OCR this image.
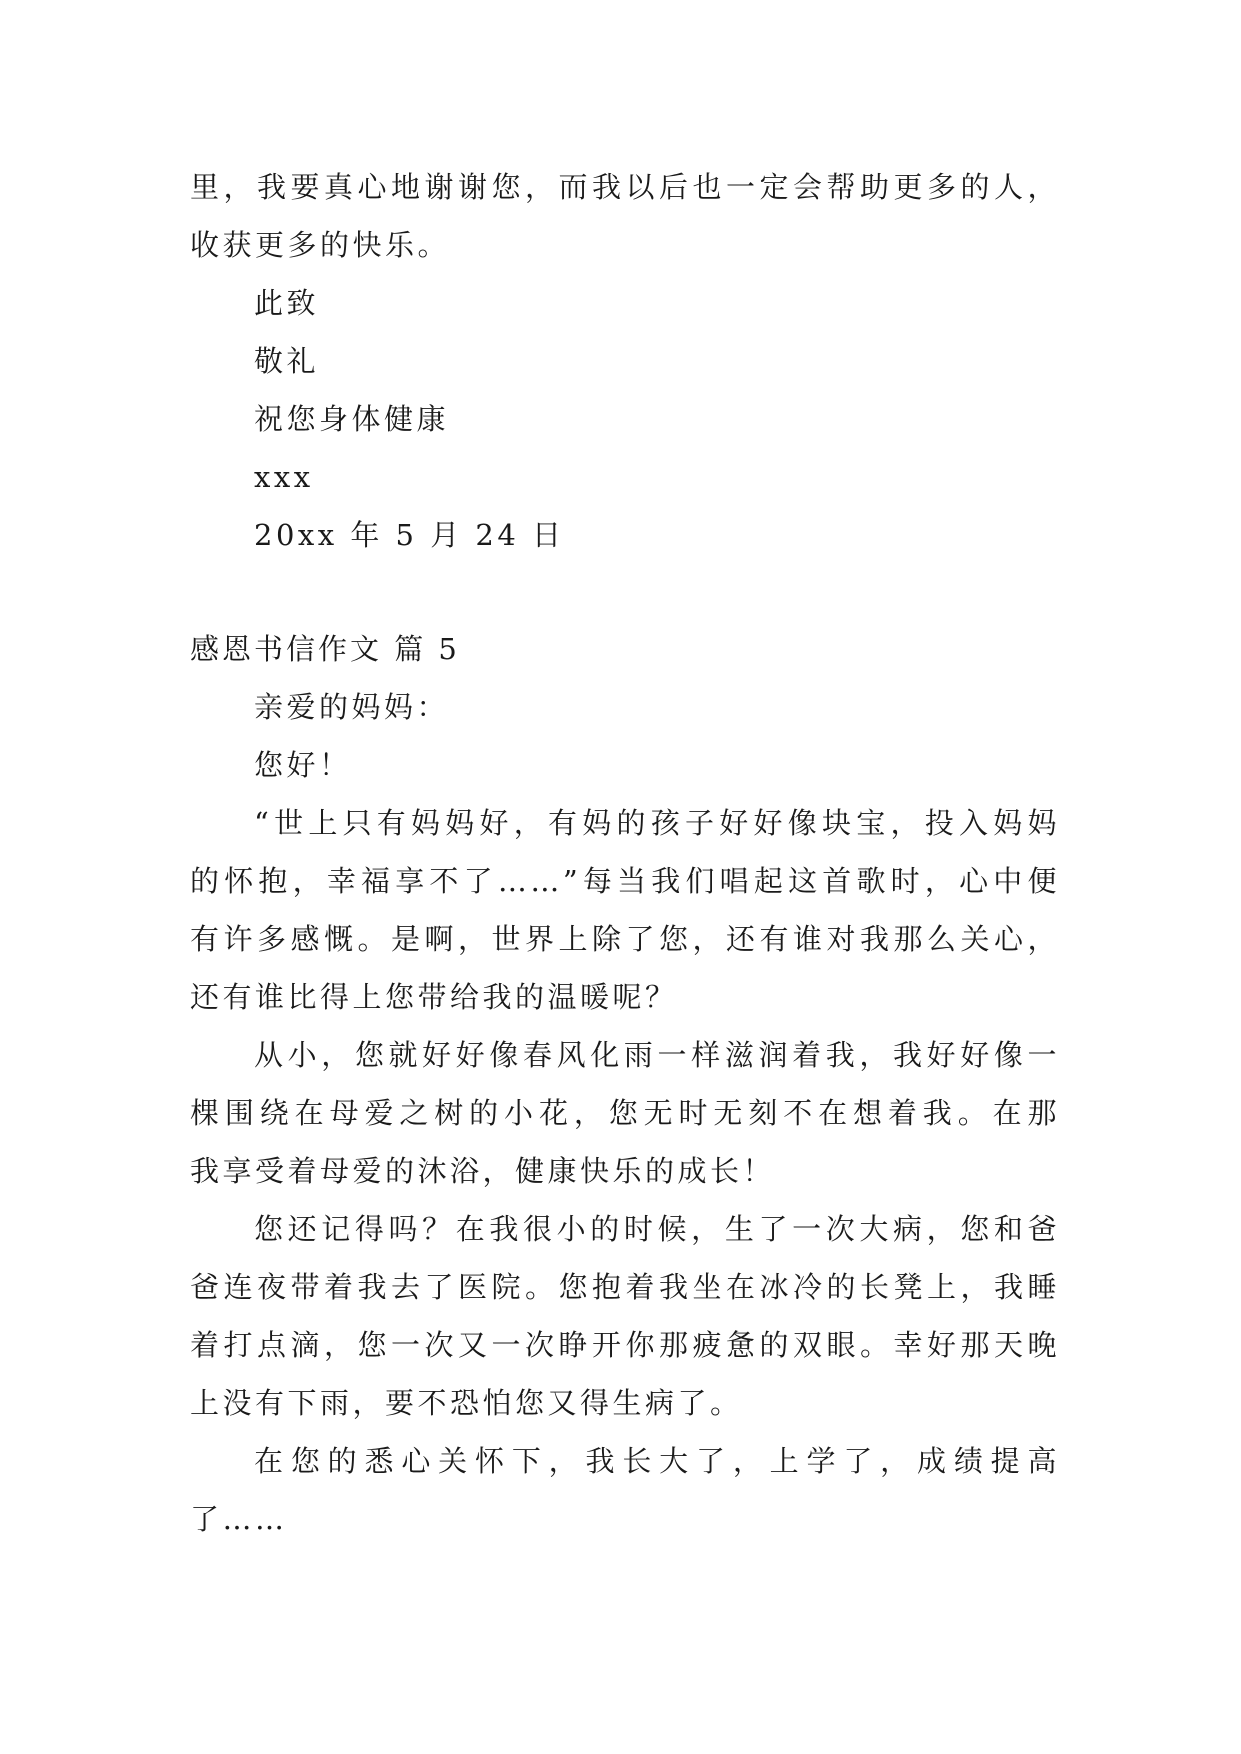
里，我要真心地谢谢您，而我以后也一定会帮助更多的人，

收获更多的快乐。

此致

敬礼

祝您身体健康

xxx

20xx 年 5 月 24 日

感恩书信作文 篇 5

亲爱的妈妈：

您好！

“世上只有妈妈好，有妈的孩子好好像块宝，投入妈妈

的怀抱，幸福享不了……”每当我们唱起这首歌时，心中便

有许多感慨。是啊，世界上除了您，还有谁对我那么关心，

还有谁比得上您带给我的温暖呢？

从小，您就好好像春风化雨一样滋润着我，我好好像一

棵围绕在母爱之树的小花，您无时无刻不在想着我。在那

我享受着母爱的沐浴，健康快乐的成长！

您还记得吗？在我很小的时候，生了一次大病，您和爸

爸连夜带着我去了医院。您抱着我坐在冰冷的长凳上，我睡

着打点滴，您一次又一次睁开你那疲惫的双眼。幸好那天晚

上没有下雨，要不恐怕您又得生病了。

在您的悉心关怀下，我长大了，上学了，成绩提高

了……
